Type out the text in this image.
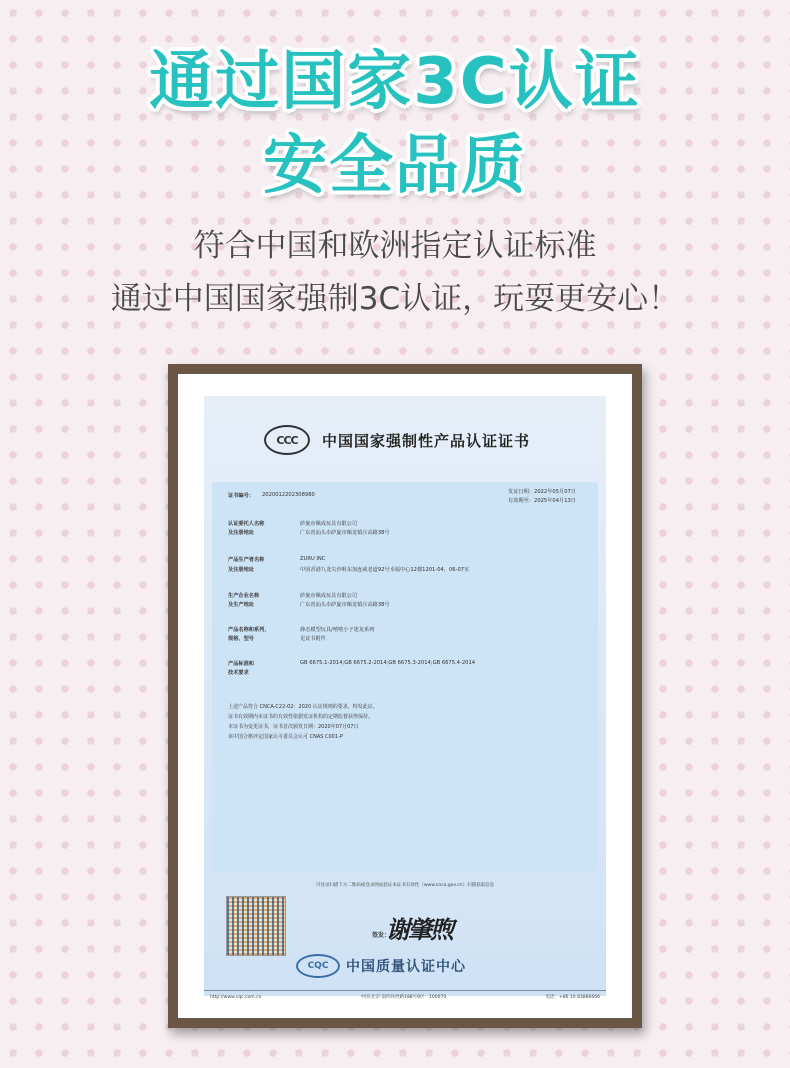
通过国家3C认证
安全品质
符合中国和欧洲指定认证标准
通过中国国家强制3C认证，玩耍更安心！
CCC	中国国家强制性产品认证证书
证书编号： 2020012202308980	发证日期： 2022年05月07日
有效期至： 2025年04月13日
认证委托人名称	萨旋市佩成玩具有限公司
及注册地址	广东省汕头市萨旋市佩龙镇庄高路38号
产品生产者名称	ZURU INC
及注册地址	中国香港九龙尖沙咀东加连威老道92号幸福中心12楼1201-04，06-07室
生产企业名称	萨旋市佩成玩具有限公司
及生产地址	广东省汕头市萨旋市佩龙镇庄高路38号
产品名称和系列、	静态模型玩具/嘻嘻小子迷龙系列
规格、型号	见证书附件
产品标准和	GB 6675.1-2014;GB 6675.2-2014;GB 6675.3-2014;GB 6675.4-2014
技术要求
上述产品符合 CNCA-C22-02：2020 认证规则的要求，特发此证。
证书有效期内本证书的有效性依据发证机构的定期监督获得保持。
本证书为变更证书，证书首次颁发日期：2020年07月07日
该中国合格评定国家认可委员会认可 CNAS C001-P
可登录扫描下方二维码或登录网站验证本证书有效性（www.cnca.gov.cn）扫描获取信息
签发：
谢肇煦
CQC	中国质量认证中心
http://www.cqc.com.cn	中国·北京·南四环西路188号9区　100070	电话：+86 10 83886666
